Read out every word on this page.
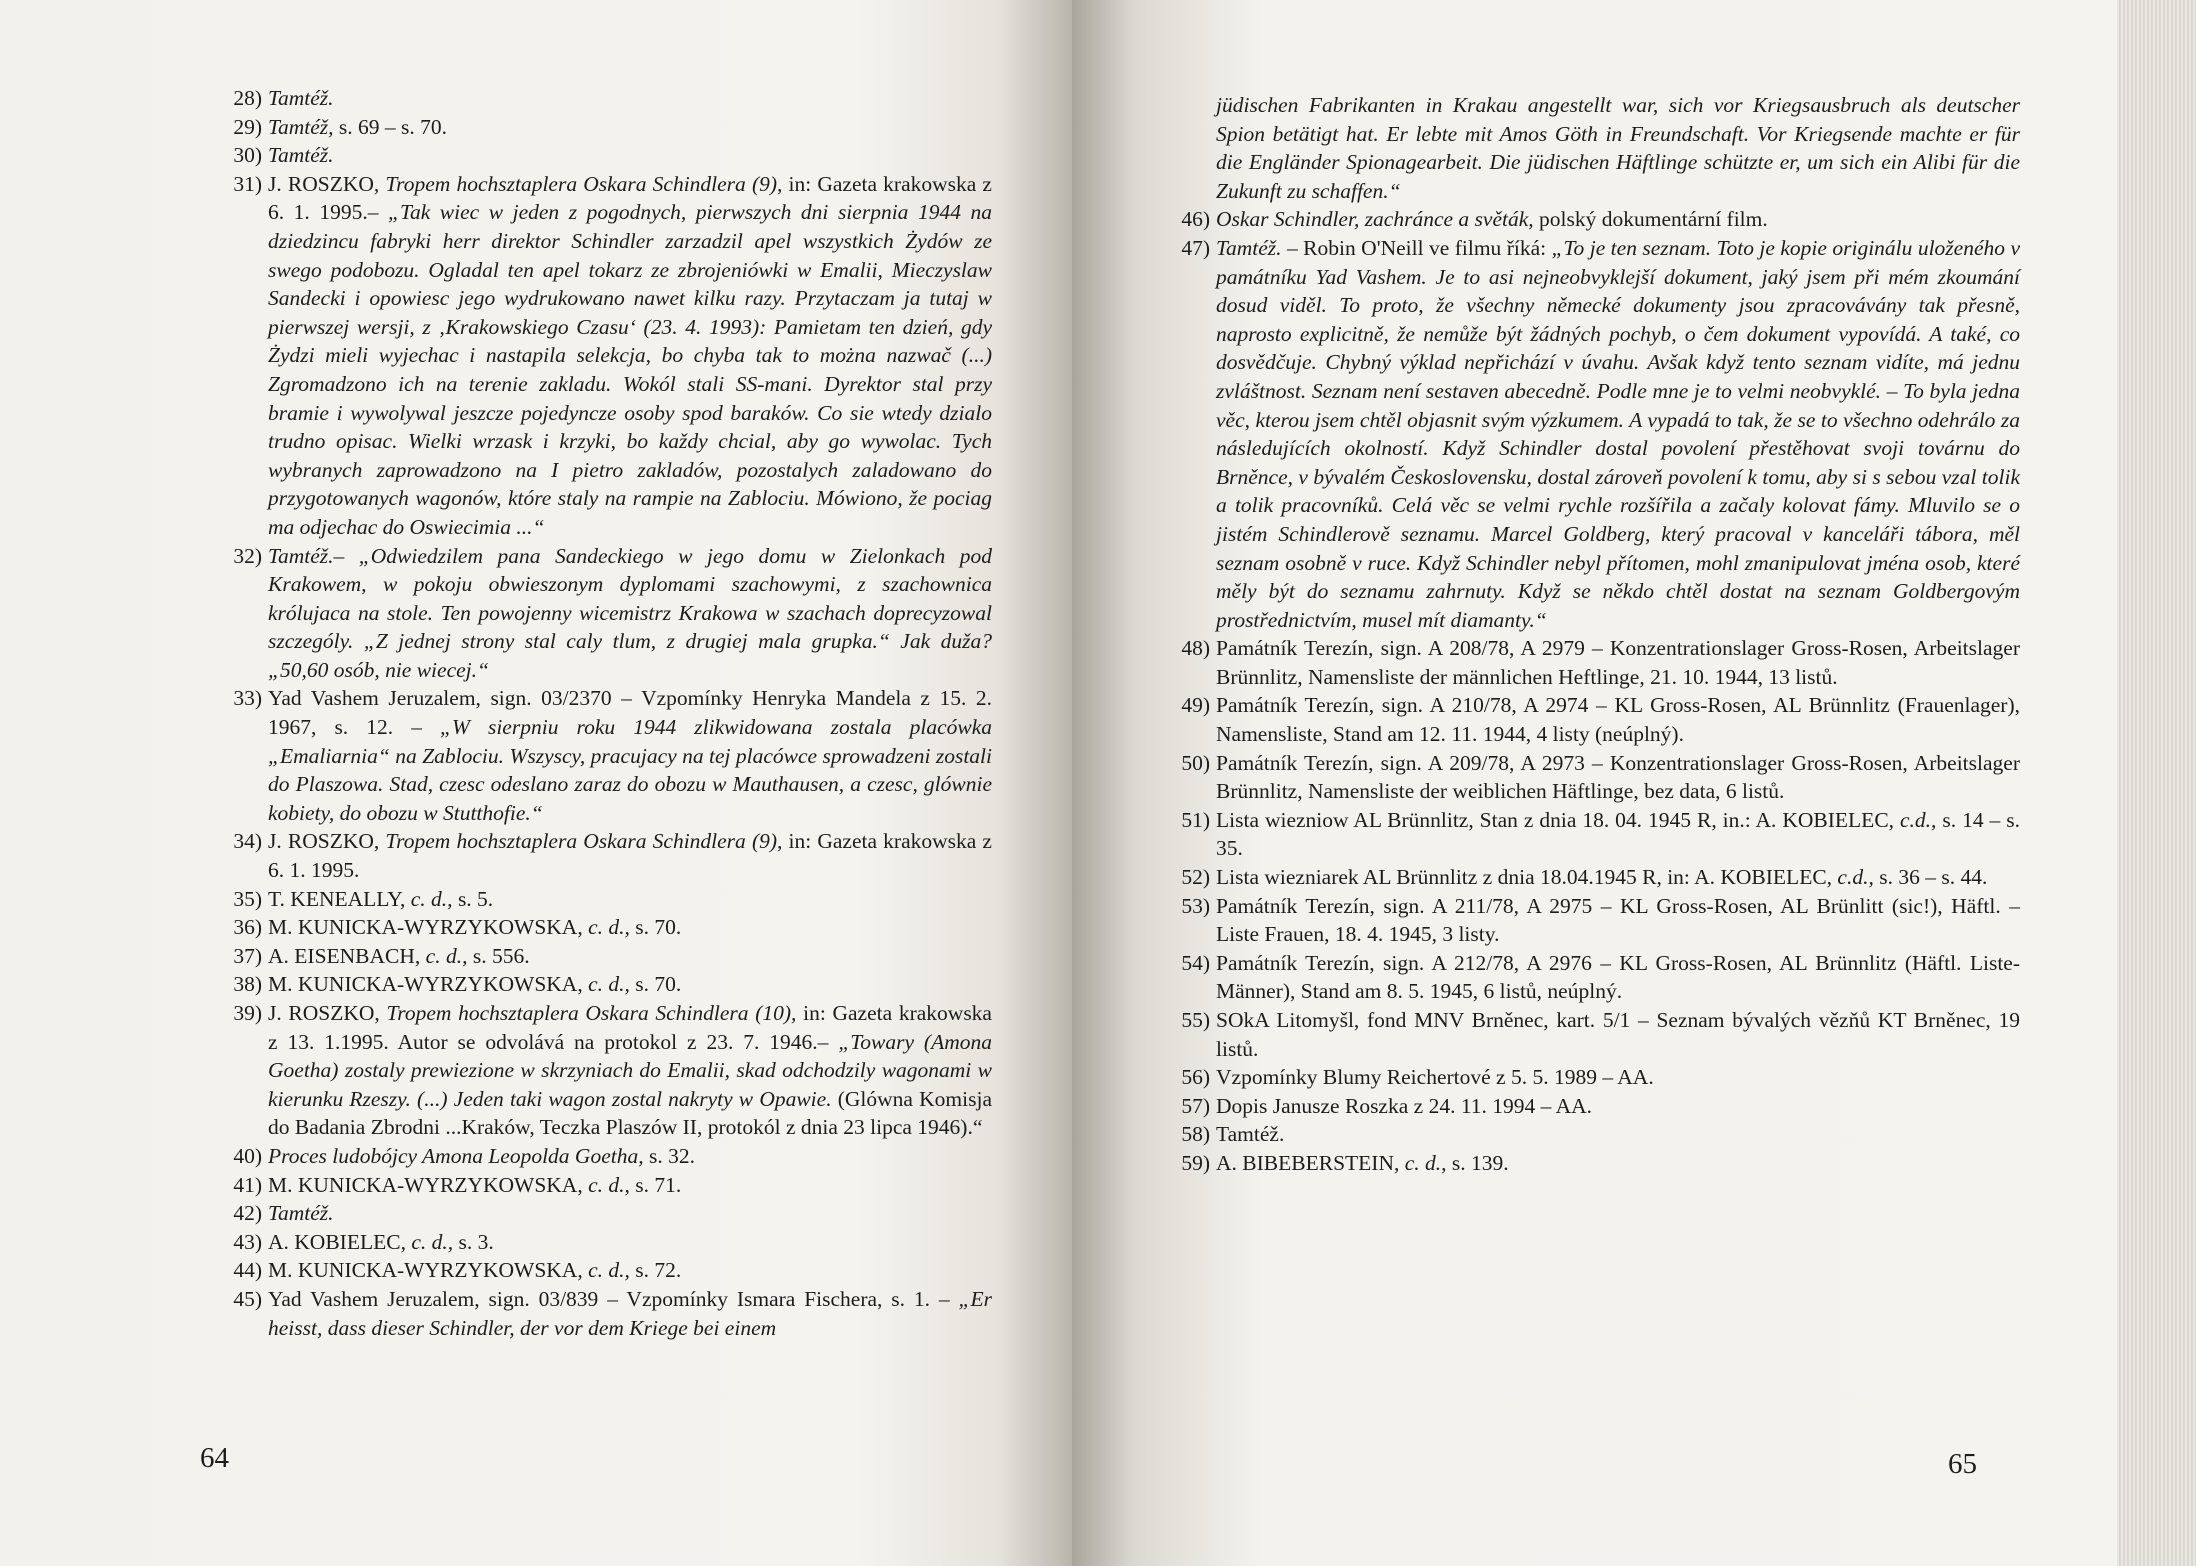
28) Tamtéž.
29) Tamtéž, s. 69 – s. 70.
30) Tamtéž.
31) J. ROSZKO, Tropem hochsztaplera Oskara Schindlera (9), in: Gazeta krakowska z 6. 1. 1995.– „Tak wiec w jeden z pogodnych, pierwszych dni sierpnia 1944 na dziedzincu fabryki herr direktor Schindler zarzadzil apel wszystkich Żydów ze swego podobozu. Ogladal ten apel tokarz ze zbrojeniówki w Emalii, Mieczyslaw Sandecki i opowiesc jego wydrukowano nawet kilku razy. Przytaczam ja tutaj w pierwszej wersji, z ‚Krakowskiego Czasu‘ (23. 4. 1993): Pamietam ten dzień, gdy Żydzi mieli wyjechac i nastapila selekcja, bo chyba tak to można nazwač (...) Zgromadzono ich na terenie zakladu. Wokól stali SS-mani. Dyrektor stal przy bramie i wywolywal jeszcze pojedyncze osoby spod baraków. Co sie wtedy dzialo trudno opisac. Wielki wrzask i krzyki, bo každy chcial, aby go wywolac. Tych wybranych zaprowadzono na I pietro zakladów, pozostalych zaladowano do przygotowanych wagonów, które staly na rampie na Zablociu. Mówiono, že pociag ma odjechac do Oswiecimia ...“
32) Tamtéž.– „Odwiedzilem pana Sandeckiego w jego domu w Zielonkach pod Krakowem, w pokoju obwieszonym dyplomami szachowymi, z szachownica królujaca na stole. Ten powojenny wicemistrz Krakowa w szachach doprecyzowal szczególy. „Z jednej strony stal caly tlum, z drugiej mala grupka.“ Jak duža? „50,60 osób, nie wiecej.“
33) Yad Vashem Jeruzalem, sign. 03/2370 – Vzpomínky Henryka Mandela z 15. 2. 1967, s. 12. – „W sierpniu roku 1944 zlikwidowana zostala placówka „Emaliarnia“ na Zablociu. Wszyscy, pracujacy na tej placówce sprowadzeni zostali do Plaszowa. Stad, czesc odeslano zaraz do obozu w Mauthausen, a czesc, glównie kobiety, do obozu w Stutthofie.“
34) J. ROSZKO, Tropem hochsztaplera Oskara Schindlera (9), in: Gazeta krakowska z 6. 1. 1995.
35) T. KENEALLY, c. d., s. 5.
36) M. KUNICKA-WYRZYKOWSKA, c. d., s. 70.
37) A. EISENBACH, c. d., s. 556.
38) M. KUNICKA-WYRZYKOWSKA, c. d., s. 70.
39) J. ROSZKO, Tropem hochsztaplera Oskara Schindlera (10), in: Gazeta krakowska z 13. 1.1995. Autor se odvolává na protokol z 23. 7. 1946.– „Towary (Amona Goetha) zostaly prewiezione w skrzyniach do Emalii, skad odchodzily wagonami w kierunku Rzeszy. (...) Jeden taki wagon zostal nakryty w Opawie. (Glówna Komisja do Badania Zbrodni ...Kraków, Teczka Plaszów II, protokól z dnia 23 lipca 1946).“
40) Proces ludobójcy Amona Leopolda Goetha, s. 32.
41) M. KUNICKA-WYRZYKOWSKA, c. d., s. 71.
42) Tamtéž.
43) A. KOBIELEC, c. d., s. 3.
44) M. KUNICKA-WYRZYKOWSKA, c. d., s. 72.
45) Yad Vashem Jeruzalem, sign. 03/839 – Vzpomínky Ismara Fischera, s. 1. – „Er heisst, dass dieser Schindler, der vor dem Kriege bei einem
64
jüdischen Fabrikanten in Krakau angestellt war, sich vor Kriegsausbruch als deutscher Spion betätigt hat. Er lebte mit Amos Göth in Freundschaft. Vor Kriegsende machte er für die Engländer Spionagearbeit. Die jüdischen Häftlinge schützte er, um sich ein Alibi für die Zukunft zu schaffen.“
46) Oskar Schindler, zachránce a světák, polský dokumentární film.
47) Tamtéž. – Robin O'Neill ve filmu říká: „To je ten seznam. Toto je kopie originálu uloženého v památníku Yad Vashem. Je to asi nejneobvyklejší dokument, jaký jsem při mém zkoumání dosud viděl. To proto, že všechny německé dokumenty jsou zpracovávány tak přesně, naprosto explicitně, že nemůže být žádných pochyb, o čem dokument vypovídá. A také, co dosvědčuje. Chybný výklad nepřichází v úvahu. Avšak když tento seznam vidíte, má jednu zvláštnost. Seznam není sestaven abecedně. Podle mne je to velmi neobvyklé. – To byla jedna věc, kterou jsem chtěl objasnit svým výzkumem. A vypadá to tak, že se to všechno odehrálo za následujících okolností. Když Schindler dostal povolení přestěhovat svoji továrnu do Brněnce, v bývalém Československu, dostal zároveň povolení k tomu, aby si s sebou vzal tolik a tolik pracovníků. Celá věc se velmi rychle rozšířila a začaly kolovat fámy. Mluvilo se o jistém Schindlerově seznamu. Marcel Goldberg, který pracoval v kanceláři tábora, měl seznam osobně v ruce. Když Schindler nebyl přítomen, mohl zmanipulovat jména osob, které měly být do seznamu zahrnuty. Když se někdo chtěl dostat na seznam Goldbergovým prostřednictvím, musel mít diamanty.“
48) Památník Terezín, sign. A 208/78, A 2979 – Konzentrationslager Gross-Rosen, Arbeitslager Brünnlitz, Namensliste der männlichen Heftlinge, 21. 10. 1944, 13 listů.
49) Památník Terezín, sign. A 210/78, A 2974 – KL Gross-Rosen, AL Brünnlitz (Frauenlager), Namensliste, Stand am 12. 11. 1944, 4 listy (neúplný).
50) Památník Terezín, sign. A 209/78, A 2973 – Konzentrationslager Gross-Rosen, Arbeitslager Brünnlitz, Namensliste der weiblichen Häftlinge, bez data, 6 listů.
51) Lista wiezniow AL Brünnlitz, Stan z dnia 18. 04. 1945 R, in.: A. KOBIELEC, c.d., s. 14 – s. 35.
52) Lista wiezniarek AL Brünnlitz z dnia 18.04.1945 R, in: A. KOBIELEC, c.d., s. 36 – s. 44.
53) Památník Terezín, sign. A 211/78, A 2975 – KL Gross-Rosen, AL Brünlitt (sic!), Häftl. – Liste Frauen, 18. 4. 1945, 3 listy.
54) Památník Terezín, sign. A 212/78, A 2976 – KL Gross-Rosen, AL Brünnlitz (Häftl. Liste-Männer), Stand am 8. 5. 1945, 6 listů, neúplný.
55) SOkA Litomyšl, fond MNV Brněnec, kart. 5/1 – Seznam bývalých vězňů KT Brněnec, 19 listů.
56) Vzpomínky Blumy Reichertové z 5. 5. 1989 – AA.
57) Dopis Janusze Roszka z 24. 11. 1994 – AA.
58) Tamtéž.
59) A. BIBEBERSTEIN, c. d., s. 139.
65
